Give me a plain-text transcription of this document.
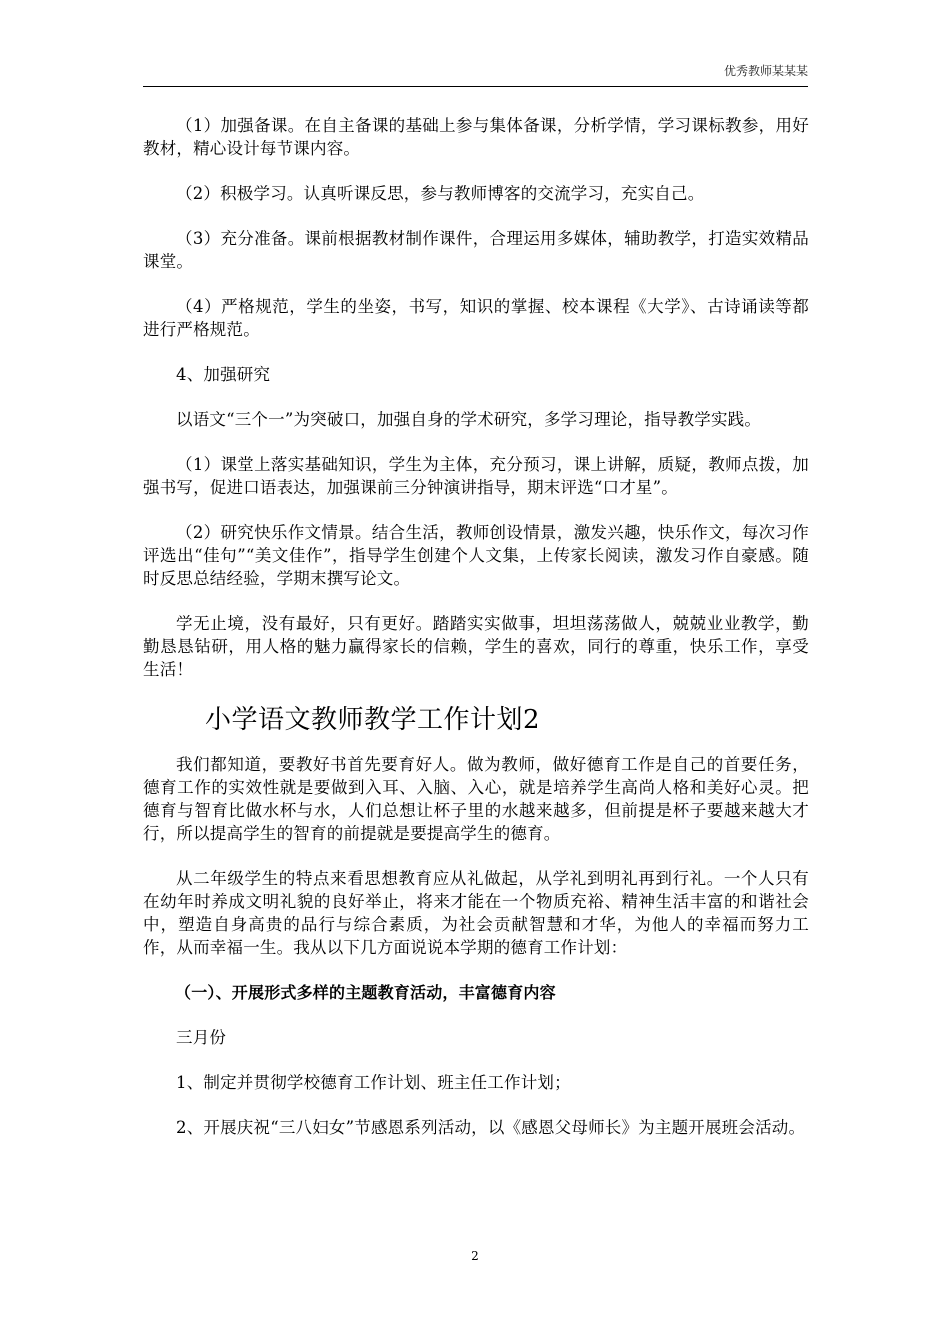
优秀教师某某某

（1）加强备课。在自主备课的基础上参与集体备课，分析学情，学习课标教参，用好教材，精心设计每节课内容。

（2）积极学习。认真听课反思，参与教师博客的交流学习，充实自己。

（3）充分准备。课前根据教材制作课件，合理运用多媒体，辅助教学，打造实效精品课堂。

（4）严格规范，学生的坐姿，书写，知识的掌握、校本课程《大学》、古诗诵读等都进行严格规范。

4、加强研究

以语文“三个一”为突破口，加强自身的学术研究，多学习理论，指导教学实践。

（1）课堂上落实基础知识，学生为主体，充分预习，课上讲解，质疑，教师点拨，加强书写，促进口语表达，加强课前三分钟演讲指导，期末评选“口才星”。

（2）研究快乐作文情景。结合生活，教师创设情景，激发兴趣，快乐作文，每次习作评选出“佳句”“美文佳作”，指导学生创建个人文集，上传家长阅读，激发习作自豪感。随时反思总结经验，学期末撰写论文。

学无止境，没有最好，只有更好。踏踏实实做事，坦坦荡荡做人，兢兢业业教学，勤勤恳恳钻研，用人格的魅力赢得家长的信赖，学生的喜欢，同行的尊重，快乐工作，享受生活！

小学语文教师教学工作计划2

我们都知道，要教好书首先要育好人。做为教师，做好德育工作是自己的首要任务，德育工作的实效性就是要做到入耳、入脑、入心，就是培养学生高尚人格和美好心灵。把德育与智育比做水杯与水，人们总想让杯子里的水越来越多，但前提是杯子要越来越大才行，所以提高学生的智育的前提就是要提高学生的德育。

从二年级学生的特点来看思想教育应从礼做起，从学礼到明礼再到行礼。一个人只有在幼年时养成文明礼貌的良好举止，将来才能在一个物质充裕、精神生活丰富的和谐社会中，塑造自身高贵的品行与综合素质，为社会贡献智慧和才华，为他人的幸福而努力工作，从而幸福一生。我从以下几方面说说本学期的德育工作计划：

（一）、开展形式多样的主题教育活动，丰富德育内容

三月份

1、制定并贯彻学校德育工作计划、班主任工作计划；

2、开展庆祝“三八妇女”节感恩系列活动，以《感恩父母师长》为主题开展班会活动。

2
